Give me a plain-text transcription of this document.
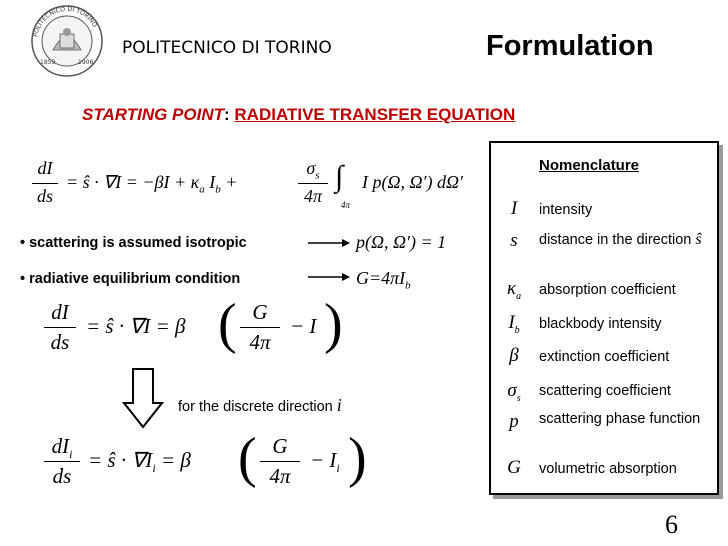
POLITECNICO DI TORINO
1859	1906
POLITECNICO DI TORINO	Formulation
STARTING POINT: RADIATIVE TRANSFER EQUATION
dI
ds
= ŝ · $\nabla I = -\beta I + \kappa_a$ $I_b$ +
$\sigma_s$
4π
∫
4π
I p(Ω, Ω′) dΩ′
• scattering is assumed isotropic
• radiative equilibrium condition
p(Ω, Ω′) = 1
$G=4\pi I_b$
dI
ds
= ŝ · ∇I = β ( G
4π
− I )
for the discrete direction i
$dI_i$
ds
= ŝ · $\nabla I_i = \beta$ ( G
4π
− $I_i$ )
Nomenclature
I	intensity
s	distance in the direction ŝ
$\kappa_a$	absorption coefficient
$I_b$	blackbody intensity
β	extinction coefficient
$\sigma_s$	scattering coefficient
p	scattering phase function
G	volumetric absorption
6
